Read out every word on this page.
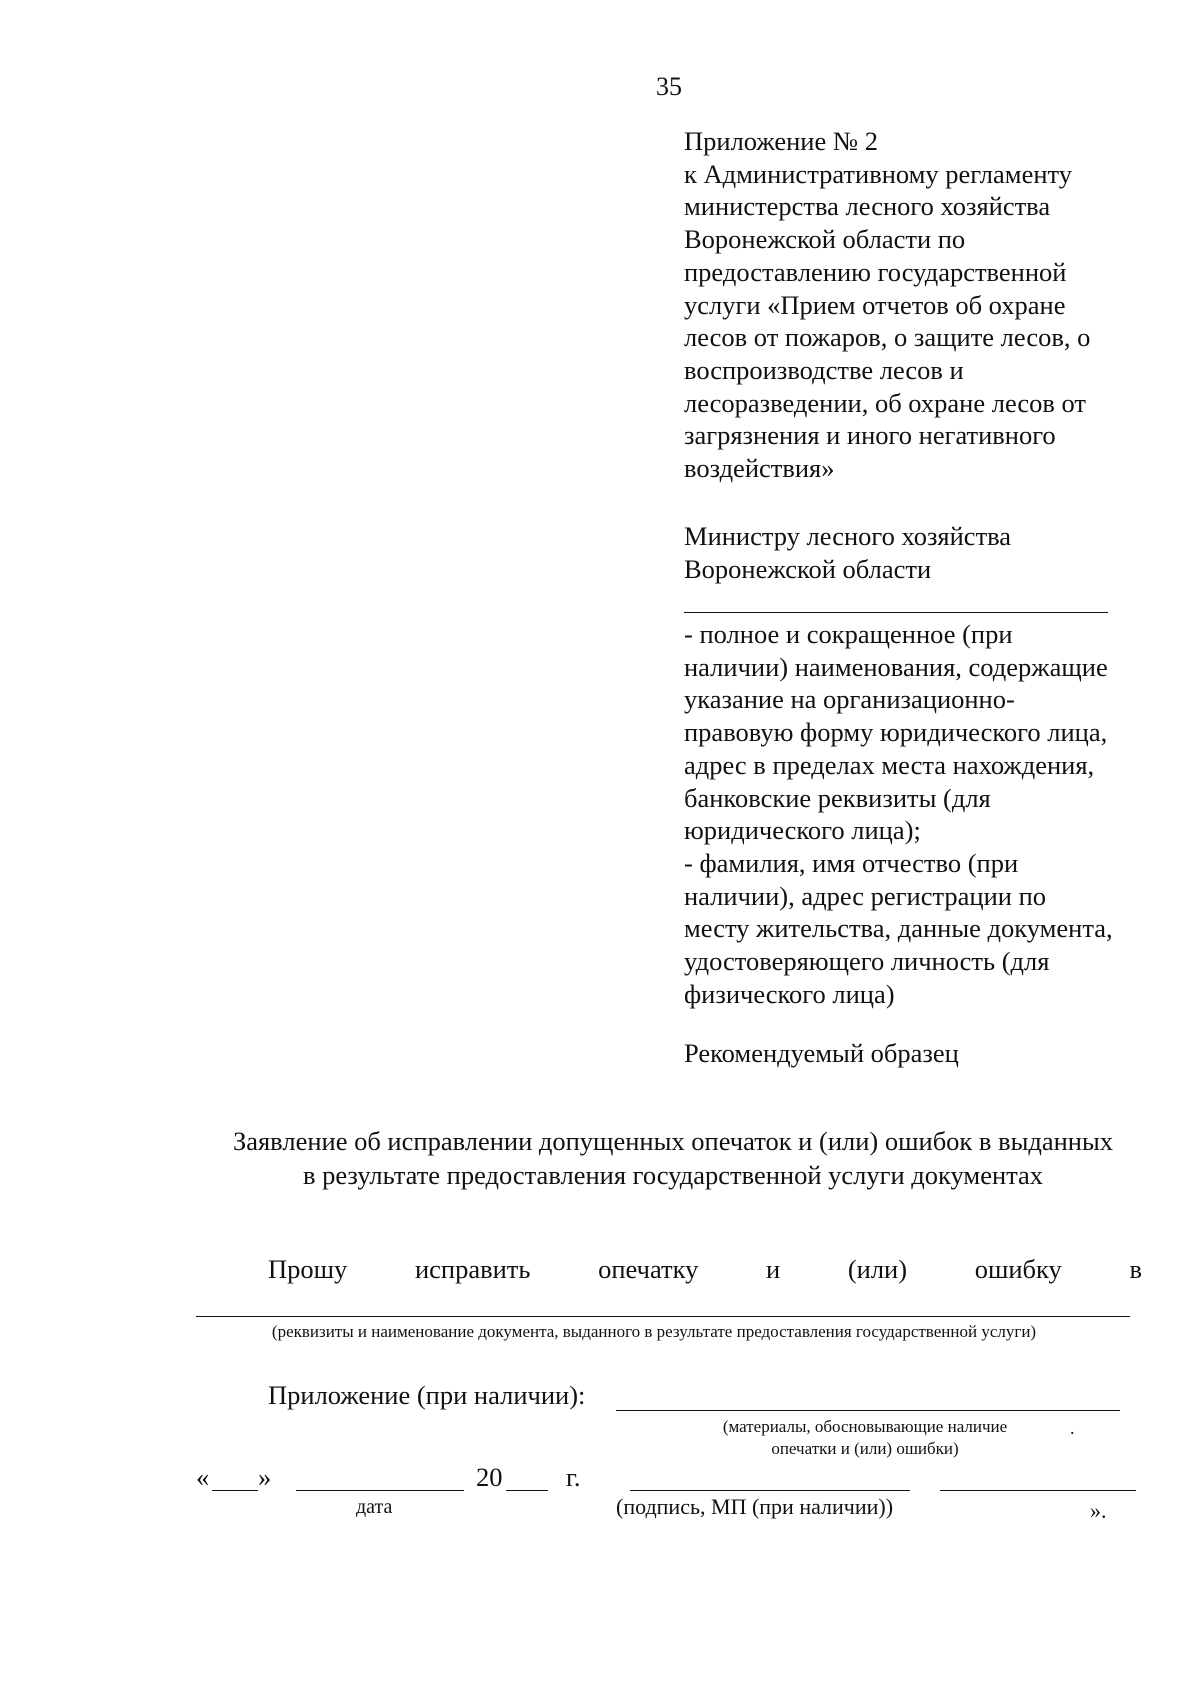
35
Приложение № 2
к Административному регламенту
министерства лесного хозяйства
Воронежской области по
предоставлению государственной
услуги «Прием отчетов об охране
лесов от пожаров, о защите лесов, о
воспроизводстве лесов и
лесоразведении, об охране лесов от
загрязнения и иного негативного
воздействия»
Министру лесного хозяйства
Воронежской области
- полное и сокращенное (при
наличии) наименования, содержащие
указание на организационно-
правовую форму юридического лица,
адрес в пределах места нахождения,
банковские реквизиты (для
юридического лица);
- фамилия, имя отчество (при
наличии), адрес регистрации по
месту жительства, данные документа,
удостоверяющего личность (для
физического лица)
Рекомендуемый образец
Заявление об исправлении допущенных опечаток и (или) ошибок в выданных
в результате предоставления государственной услуги документах
Прошу	исправить	опечатку	и	(или)	ошибку	в
(реквизиты и наименование документа, выданного в результате предоставления государственной услуги)
Приложение (при наличии):
(материалы, обосновывающие наличие
опечатки и (или) ошибки)
.
« »	20 г.
дата	(подпись, МП (при наличии))	».
